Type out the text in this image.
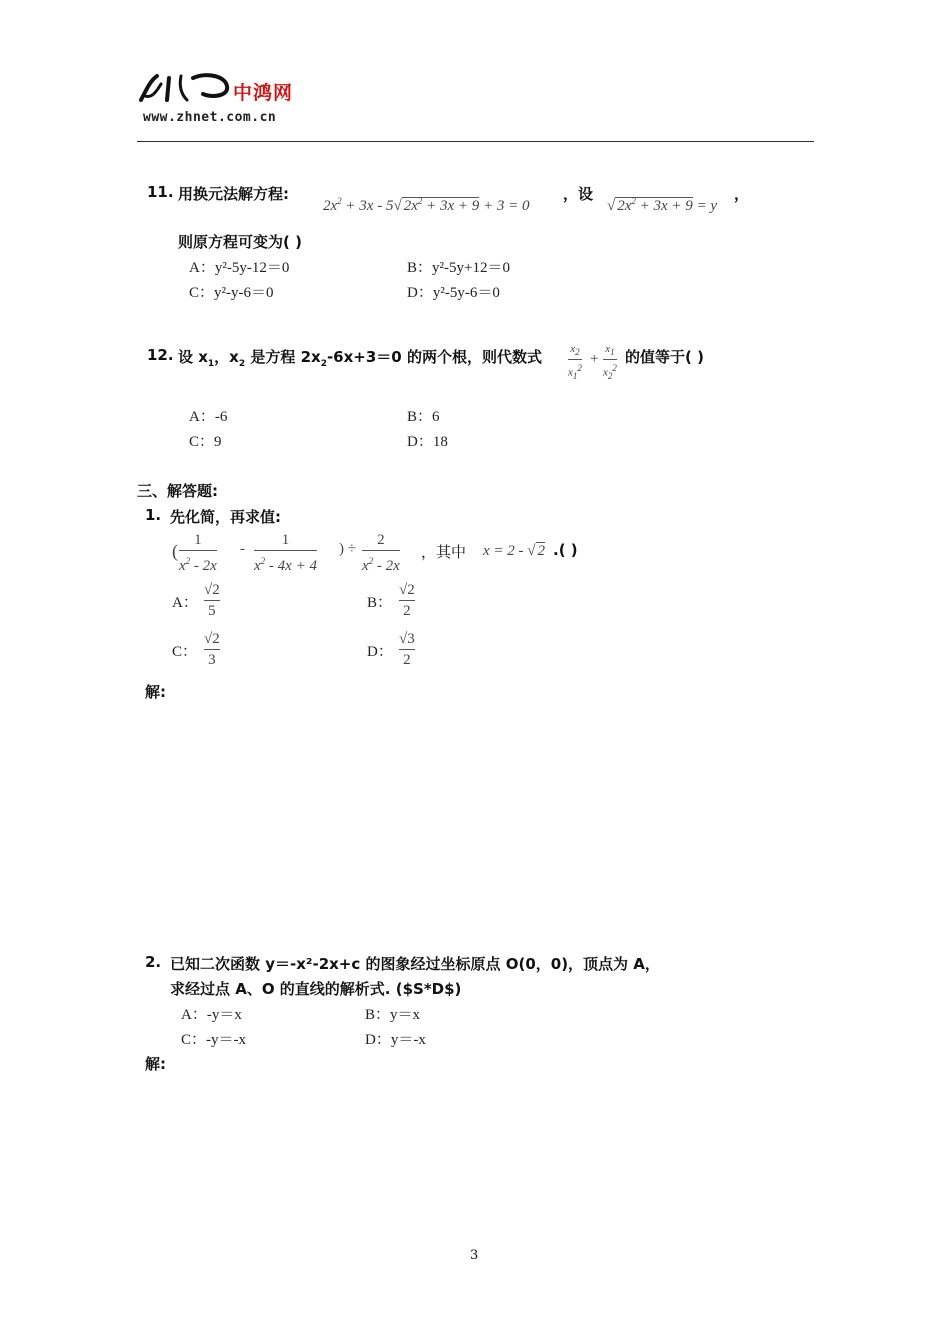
中鸿网
www.zhnet.com.cn
11. 用换元法解方程:
$2x^2 + 3x - 5√$ $2x^2 + 3x + 9 + 3 = 0$
，设
√ $2x^2 + 3x + 9 = y$
，
则原方程可变为( )
A：y²-5y-12＝0	B：y²-5y+12＝0
C：y²-y-6＝0	D：y²-5y-6＝0
12. 设 $x_1$，$x_2$ 是方程 $2x_2-6x+3=0$ 的两个根，则代数式	$x_2$
$x_1^2$
+
$x_1$
$x_2^2$
的值等于( )
A：-6	B：6
C：9	D：18
三、解答题:
1. 先化简，再求值:
(
1
$x^2 - 2x$
-
1
$x^2 - 4x + 4$
) ÷
2
$x^2 - 2x$
，其中 x = 2 - √ 2 .( )
A：
√2
5	B：
√2
2
C：
√2
3	D：
√3
2
解:
2. 已知二次函数 y＝-x²-2x+c 的图象经过坐标原点 O(0，0)，顶点为 A，
求经过点 A、O 的直线的解析式. ($S*D$)
A：-y＝x	B：y＝x
C：-y＝-x	D：y＝-x
解:
3
